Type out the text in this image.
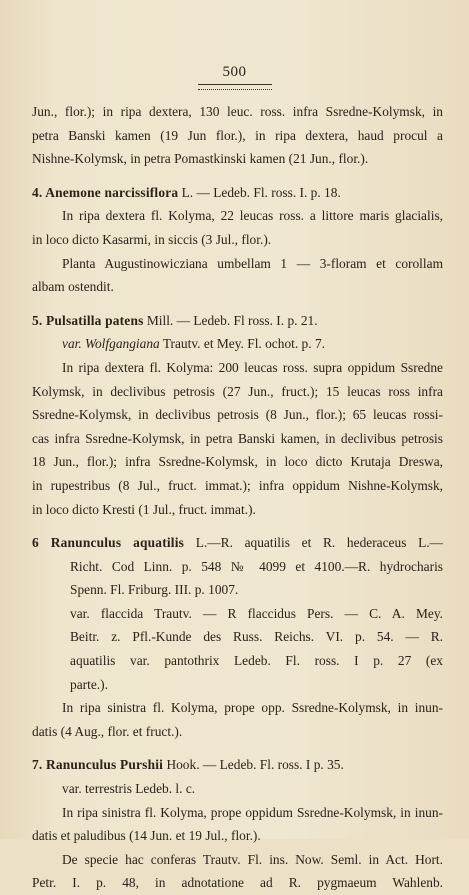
500
Jun., flor.); in ripa dextera, 130 leuc. ross. infra Ssredne-Kolymsk, in
petra Banski kamen (19 Jun flor.), in ripa dextera, haud procul a
Nishne-Kolymsk, in petra Pomastkinski kamen (21 Jun., flor.).
4. Anemone narcissiflora L. — Ledeb. Fl. ross. I. p. 18.
In ripa dextera fl. Kolyma, 22 leucas ross. a littore maris glacialis,
in loco dicto Kasarmi, in siccis (3 Jul., flor.).
Planta Augustinowicziana umbellam 1 — 3-floram et corollam
albam ostendit.
5. Pulsatilla patens Mill. — Ledeb. Fl ross. I. p. 21.
var. Wolfgangiana Trautv. et Mey. Fl. ochot. p. 7.
In ripa dextera fl. Kolyma: 200 leucas ross. supra oppidum Ssredne
Kolymsk, in declivibus petrosis (27 Jun., fruct.); 15 leucas ross infra
Ssredne-Kolymsk, in declivibus petrosis (8 Jun., flor.); 65 leucas rossi-
cas infra Ssredne-Kolymsk, in petra Banski kamen, in declivibus petrosis
18 Jun., flor.); infra Ssredne-Kolymsk, in loco dicto Krutaja Dreswa,
in rupestribus (8 Jul., fruct. immat.); infra oppidum Nishne-Kolymsk,
in loco dicto Kresti (1 Jul., fruct. immat.).
6 Ranunculus aquatilis L.—R. aquatilis et R. hederaceus L.—
Richt. Cod Linn. p. 548 № 4099 et 4100.—R. hydrocharis
Spenn. Fl. Friburg. III. p. 1007.
var. flaccida Trautv. — R flaccidus Pers. — C. A. Mey.
Beitr. z. Pfl.-Kunde des Russ. Reichs. VI. p. 54. — R.
aquatilis var. pantothrix Ledeb. Fl. ross. I p. 27 (ex
parte.).
In ripa sinistra fl. Kolyma, prope opp. Ssredne-Kolymsk, in inun-
datis (4 Aug., flor. et fruct.).
7. Ranunculus Purshii Hook. — Ledeb. Fl. ross. I p. 35.
var. terrestris Ledeb. l. c.
In ripa sinistra fl. Kolyma, prope oppidum Ssredne-Kolymsk, in inun-
datis et paludibus (14 Jun. et 19 Jul., flor.).
De specie hac conferas Trautv. Fl. ins. Now. Seml. in Act. Hort.
Petr. I. p. 48, in adnotatione ad R. pygmaeum Wahlenb.
